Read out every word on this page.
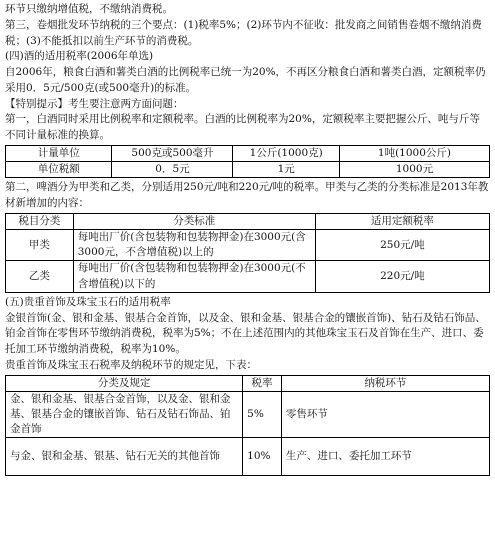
环节只缴纳增值税，不缴纳消费税。

第三，卷烟批发环节纳税的三个要点：(1)税率5%；(2)环节内不征收：批发商之间销售卷烟不缴纳消费税；(3)不能抵扣以前生产环节的消费税。

(四)酒的适用税率(2006年单选)

自2006年，粮食白酒和薯类白酒的比例税率已统一为20%，不再区分粮食白酒和薯类白酒，定额税率仍采用0．5元/500克(或500毫升)的标准。

【特别提示】考生要注意两方面问题：

第一，白酒同时采用比例税率和定额税率。白酒的比例税率为20%，定额税率主要把握公斤、吨与斤等不同计量标准的换算。

计量单位	500克或500毫升	1公斤(1000克)	1吨(1000公斤)
单位税额	0．5元	1元	1000元

第二，啤酒分为甲类和乙类，分别适用250元/吨和220元/吨的税率。甲类与乙类的分类标准是2013年教材新增加的内容：

税目分类	分类标准	适用定额税率
甲类	每吨出厂价(含包装物和包装物押金)在3000元(含3000元，不含增值税)以上的	250元/吨
乙类	每吨出厂价(含包装物和包装物押金)在3000元(不含增值税)以下的	220元/吨

(五)贵重首饰及珠宝玉石的适用税率

金银首饰(金、银和金基、银基合金首饰，以及金、银和金基、银基合金的镶嵌首饰)、钻石及钻石饰品、铂金首饰在零售环节缴纳消费税，税率为5%；不在上述范围内的其他珠宝玉石及首饰在生产、进口、委托加工环节缴纳消费税，税率为10%。

贵重首饰及珠宝玉石税率及纳税环节的规定见，下表：

分类及规定	税率	纳税环节
金、银和金基、银基合金首饰，以及金、银和金基、银基合金的镶嵌首饰、钻石及钻石饰品、铂金首饰	5%	零售环节
与金、银和金基、银基、钻石无关的其他首饰	10%	生产、进口、委托加工环节
